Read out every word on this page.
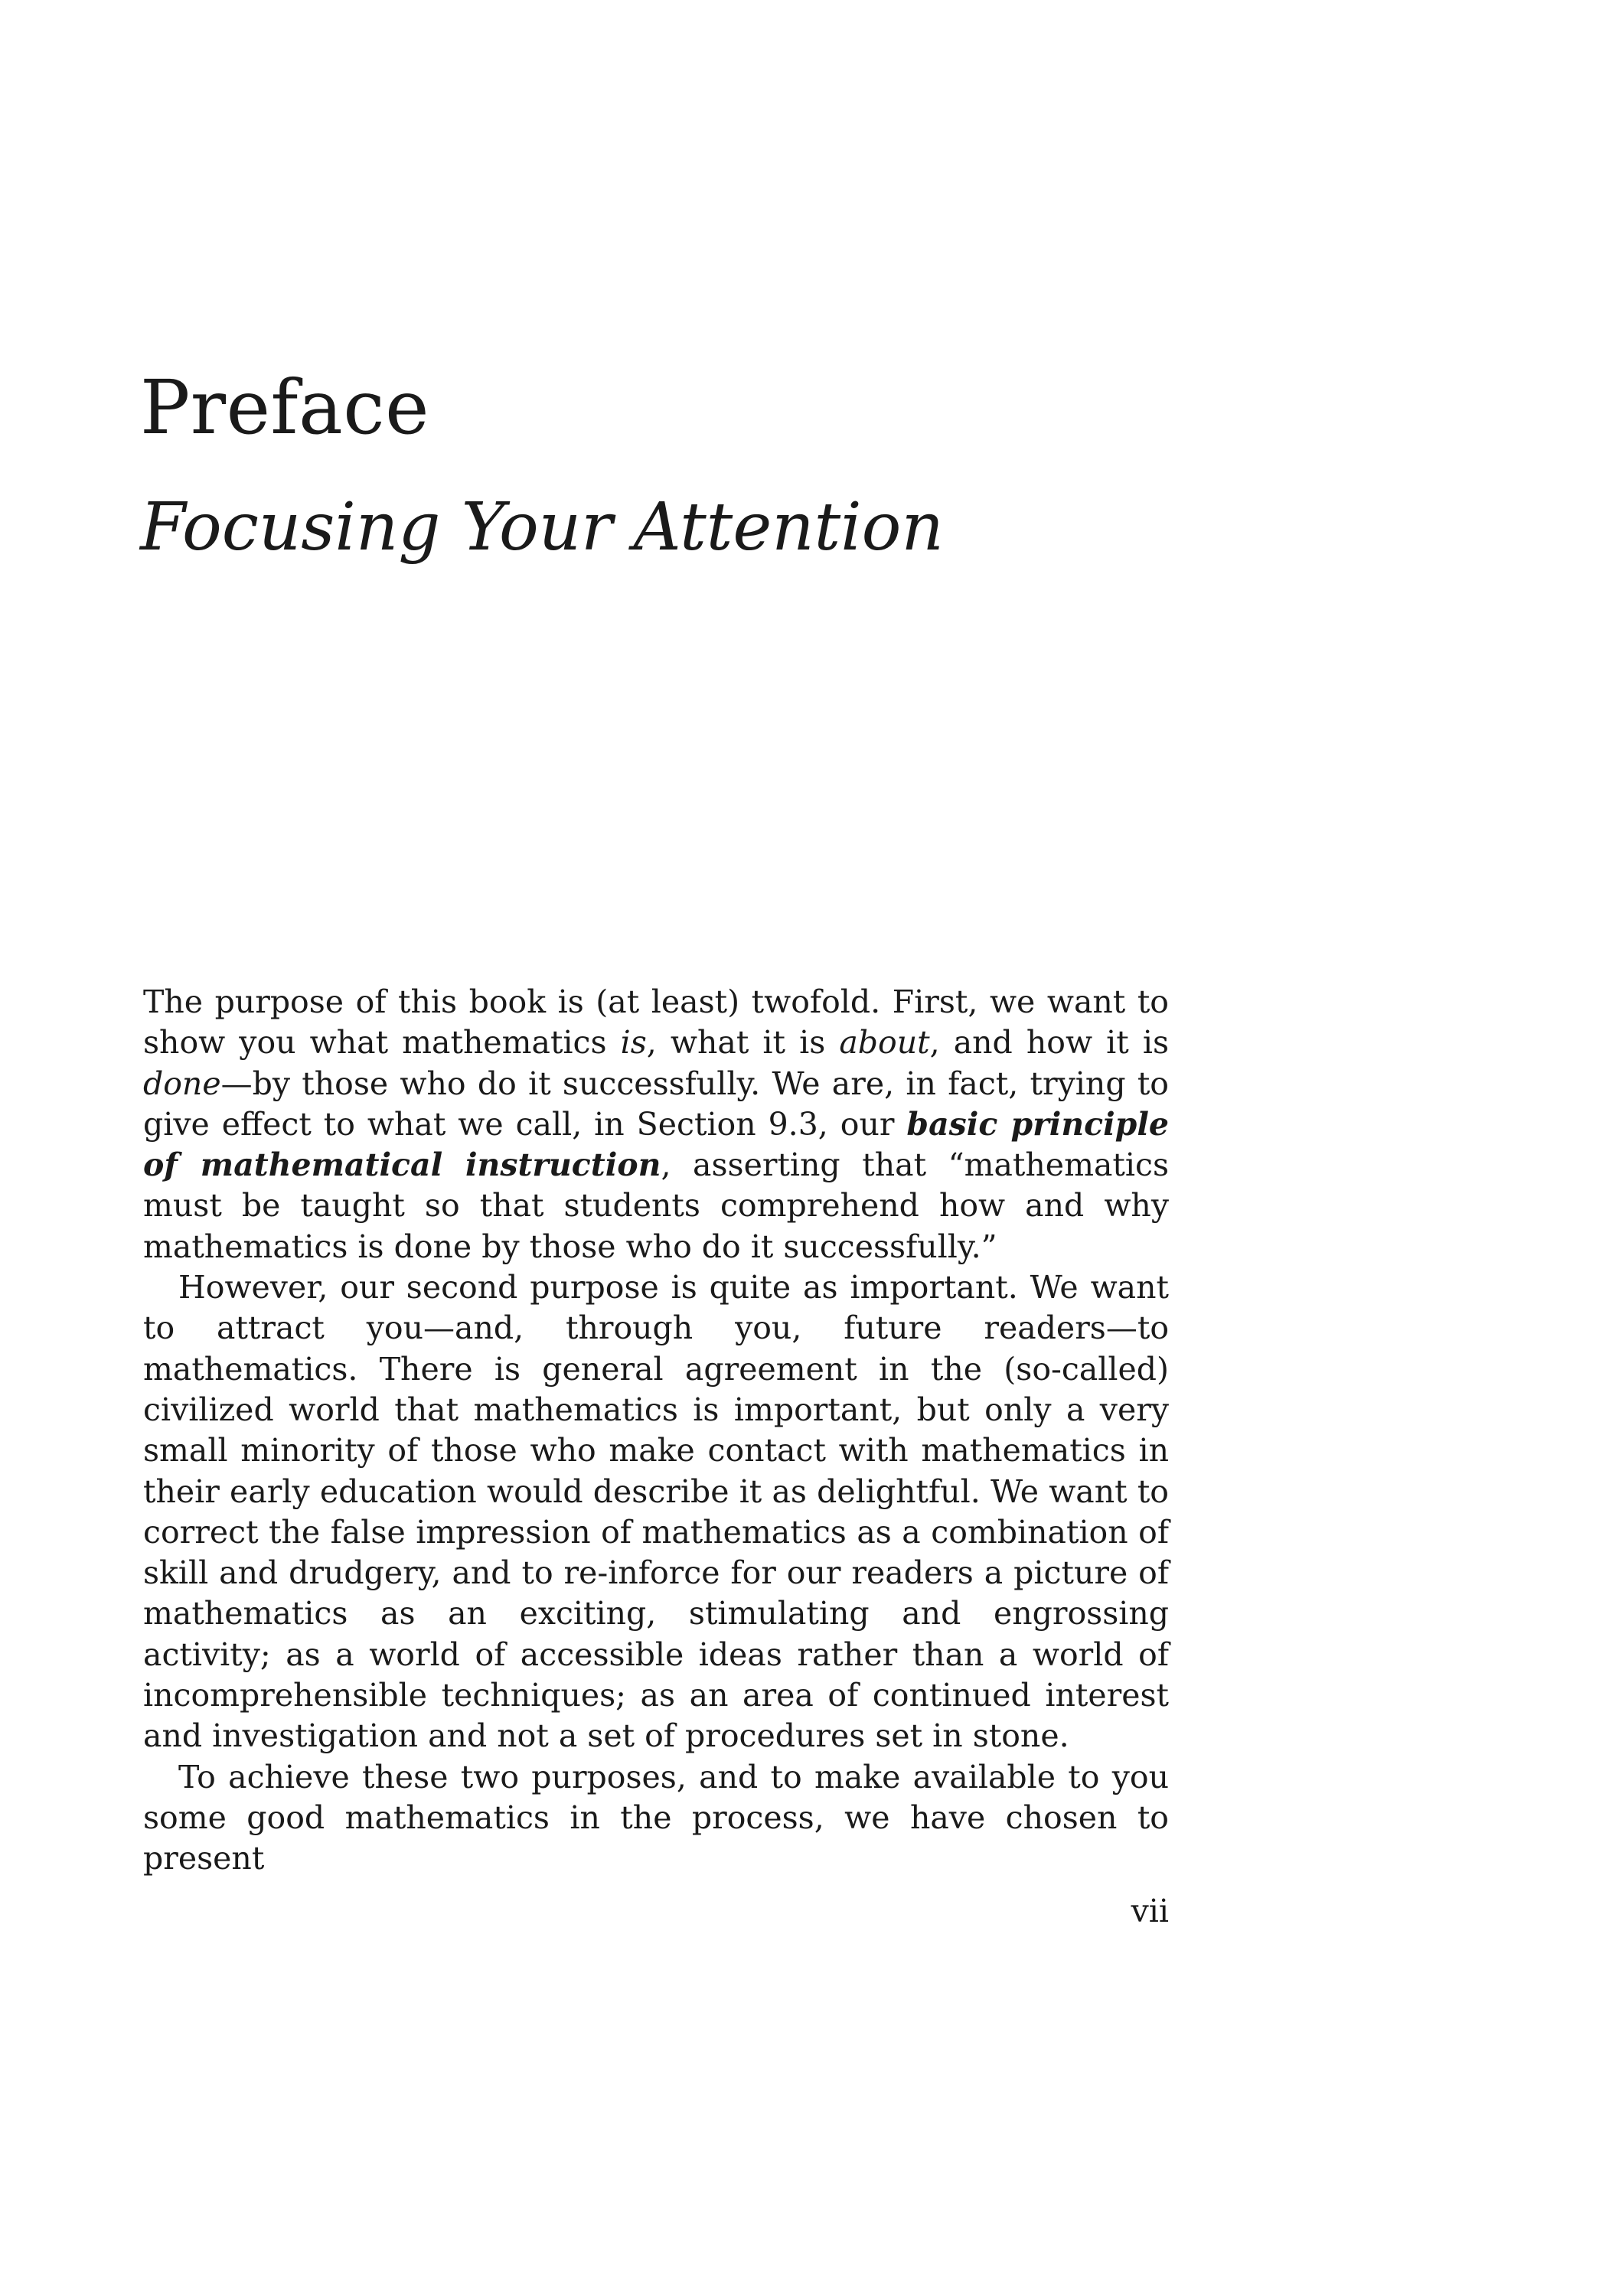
Preface
Focusing Your Attention

The purpose of this book is (at least) twofold. First, we want to show you what mathematics is, what it is about, and how it is done—by those who do it successfully. We are, in fact, trying to give effect to what we call, in Section 9.3, our basic principle of mathematical instruction, asserting that “mathematics must be taught so that students comprehend how and why mathematics is done by those who do it successfully.”

However, our second purpose is quite as important. We want to attract you—and, through you, future readers—to mathematics. There is general agreement in the (so-called) civilized world that mathematics is important, but only a very small minority of those who make contact with mathematics in their early education would describe it as delightful. We want to correct the false impression of mathematics as a combination of skill and drudgery, and to re-inforce for our readers a picture of mathematics as an exciting, stimulating and engrossing activity; as a world of accessible ideas rather than a world of incomprehensible techniques; as an area of continued interest and investigation and not a set of procedures set in stone.

To achieve these two purposes, and to make available to you some good mathematics in the process, we have chosen to present

vii
